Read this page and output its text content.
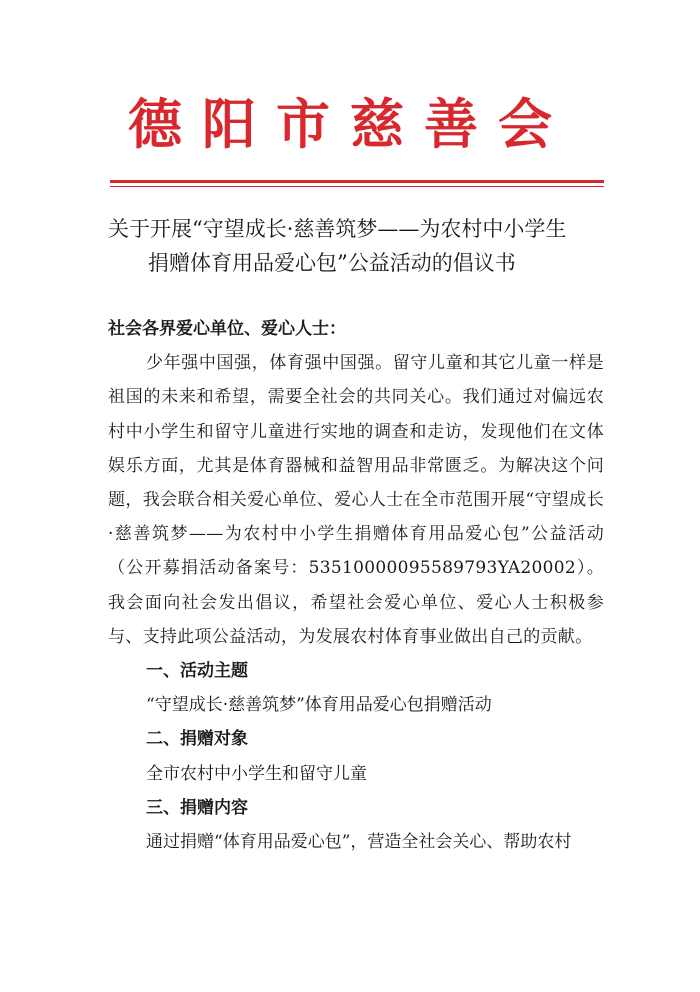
德阳市慈善会
关于开展“守望成长·慈善筑梦——为农村中小学生
捐赠体育用品爱心包”公益活动的倡议书
社会各界爱心单位、爱心人士：

少年强中国强，体育强中国强。留守儿童和其它儿童一样是祖国的未来和希望，需要全社会的共同关心。我们通过对偏远农村中小学生和留守儿童进行实地的调查和走访，发现他们在文体娱乐方面，尤其是体育器械和益智用品非常匮乏。为解决这个问题，我会联合相关爱心单位、爱心人士在全市范围开展“守望成长·慈善筑梦——为农村中小学生捐赠体育用品爱心包”公益活动（公开募捐活动备案号：53510000095589793YA20002）。我会面向社会发出倡议，希望社会爱心单位、爱心人士积极参与、支持此项公益活动，为发展农村体育事业做出自己的贡献。

一、活动主题
“守望成长·慈善筑梦”体育用品爱心包捐赠活动
二、捐赠对象
全市农村中小学生和留守儿童
三、捐赠内容
通过捐赠“体育用品爱心包”，营造全社会关心、帮助农村
